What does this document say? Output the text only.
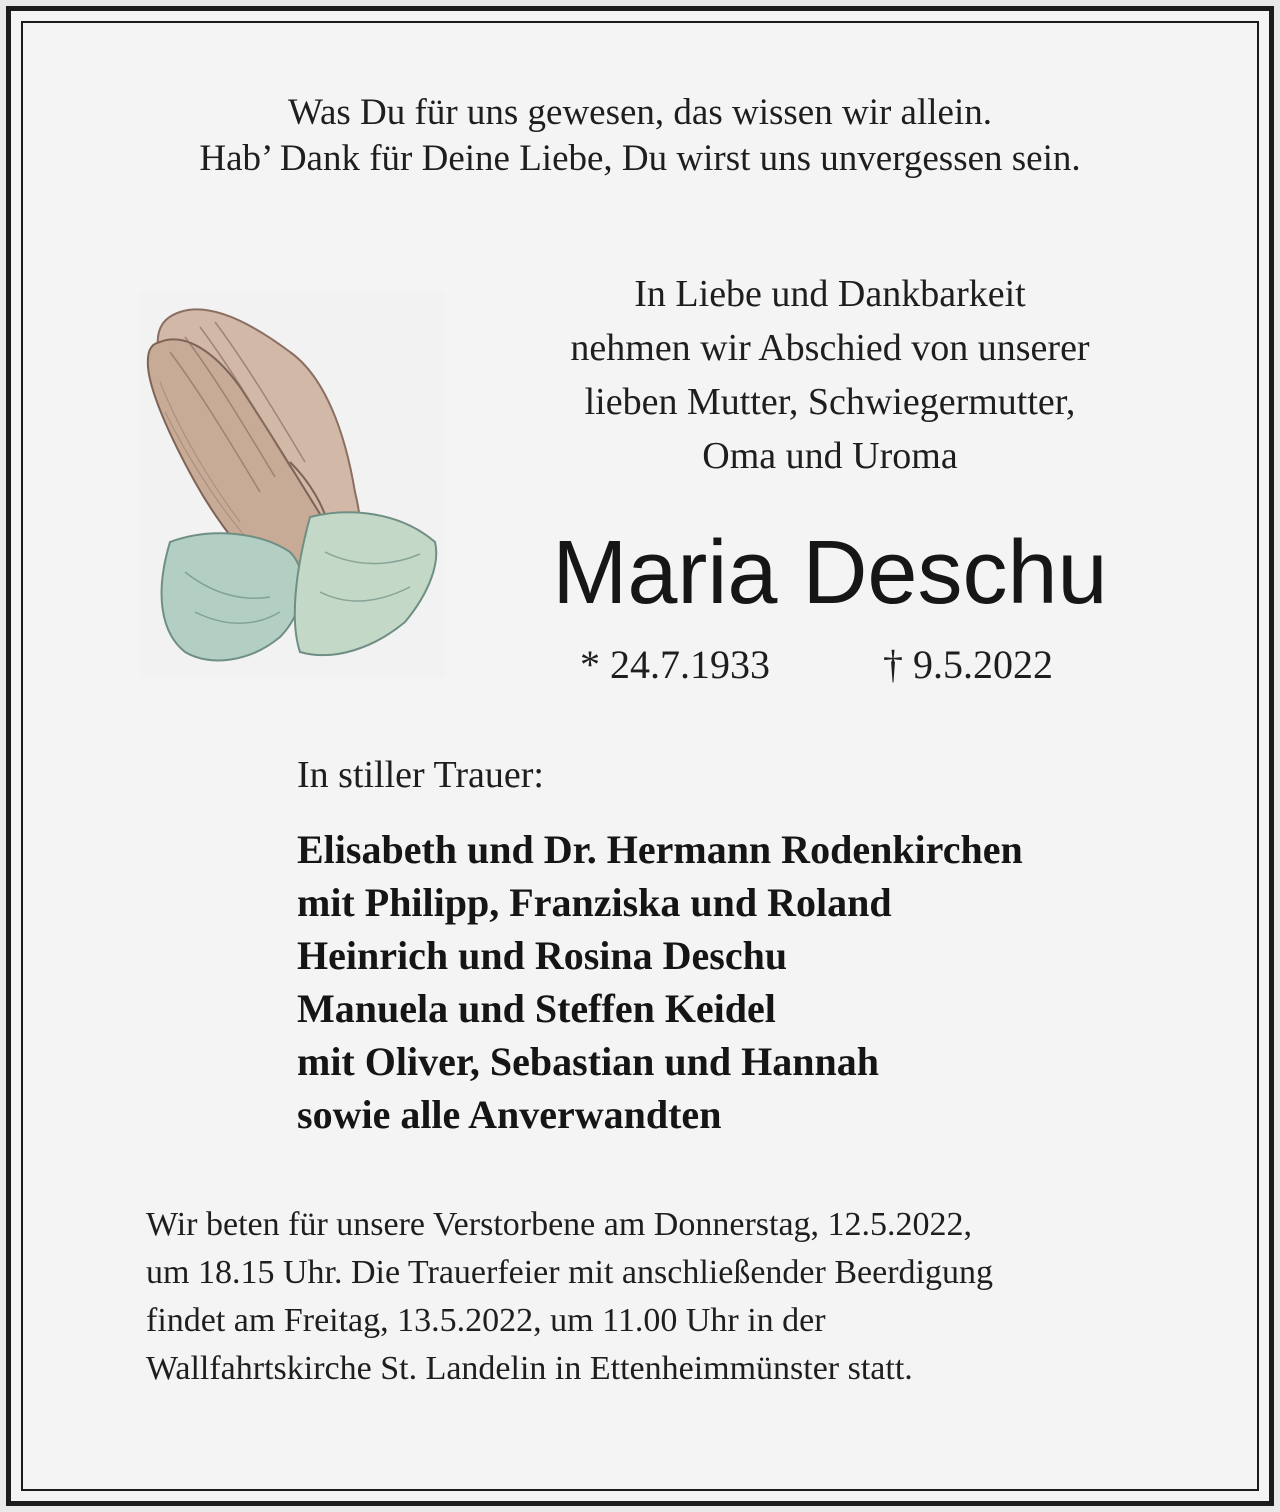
Was Du für uns gewesen, das wissen wir allein.
Hab’ Dank für Deine Liebe, Du wirst uns unvergessen sein.
In Liebe und Dankbarkeit
nehmen wir Abschied von unserer
lieben Mutter, Schwiegermutter,
Oma und Uroma
Maria Deschu
* 24.7.1933	† 9.5.2022
In stiller Trauer:
Elisabeth und Dr. Hermann Rodenkirchen
mit Philipp, Franziska und Roland
Heinrich und Rosina Deschu
Manuela und Steffen Keidel
mit Oliver, Sebastian und Hannah
sowie alle Anverwandten
Wir beten für unsere Verstorbene am Donnerstag, 12.5.2022,
um 18.15 Uhr. Die Trauerfeier mit anschließender Beerdigung
findet am Freitag, 13.5.2022, um 11.00 Uhr in der
Wallfahrtskirche St. Landelin in Ettenheimmünster statt.
